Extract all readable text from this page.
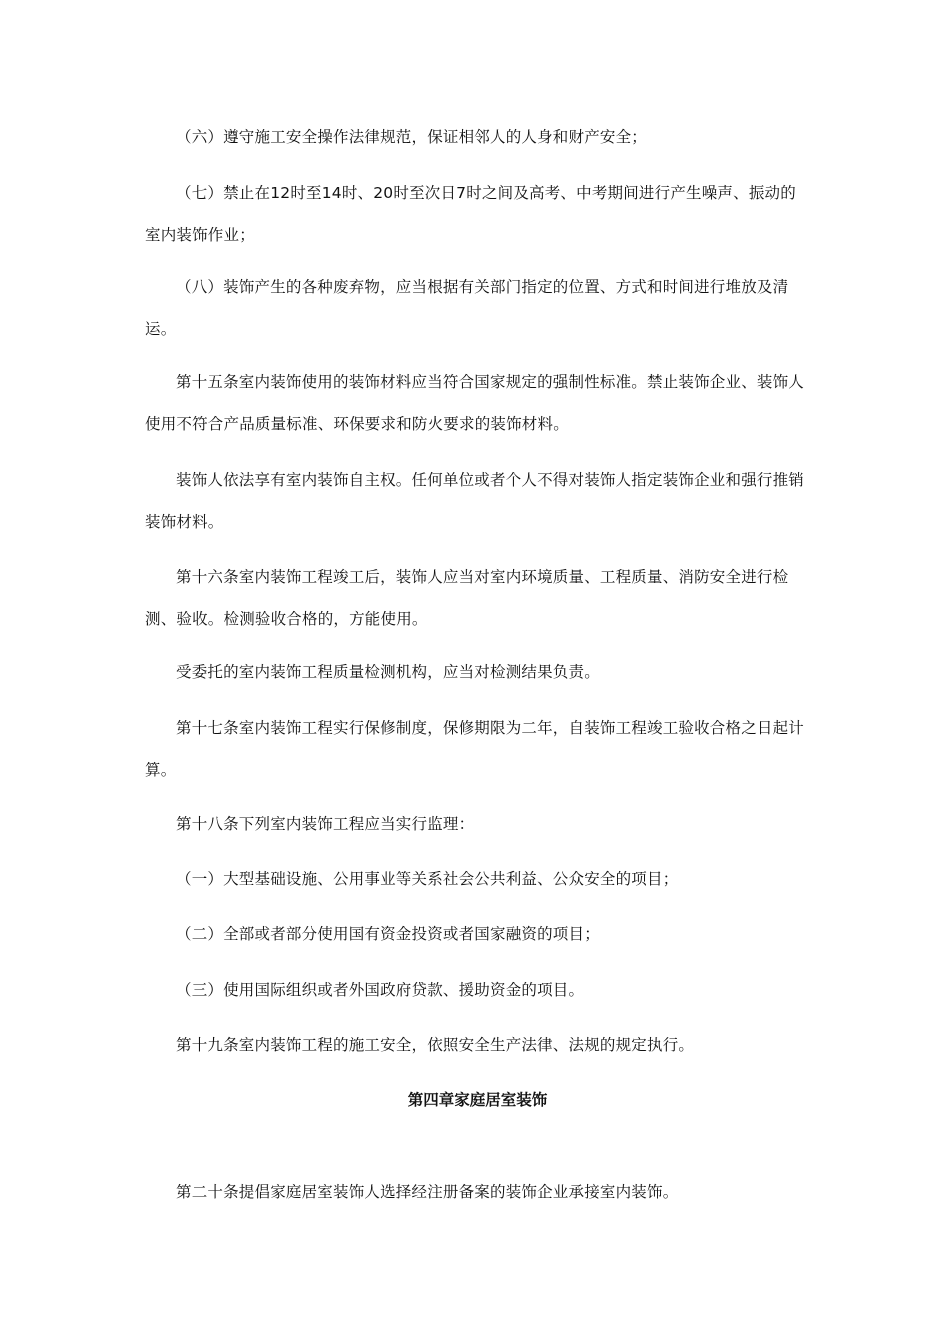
（六）遵守施工安全操作法律规范，保证相邻人的人身和财产安全；

（七）禁止在12时至14时、20时至次日7时之间及高考、中考期间进行产生噪声、振动的室内装饰作业；

（八）装饰产生的各种废弃物，应当根据有关部门指定的位置、方式和时间进行堆放及清运。

第十五条室内装饰使用的装饰材料应当符合国家规定的强制性标准。禁止装饰企业、装饰人使用不符合产品质量标准、环保要求和防火要求的装饰材料。

装饰人依法享有室内装饰自主权。任何单位或者个人不得对装饰人指定装饰企业和强行推销装饰材料。

第十六条室内装饰工程竣工后，装饰人应当对室内环境质量、工程质量、消防安全进行检测、验收。检测验收合格的，方能使用。

受委托的室内装饰工程质量检测机构，应当对检测结果负责。

第十七条室内装饰工程实行保修制度，保修期限为二年，自装饰工程竣工验收合格之日起计算。

第十八条下列室内装饰工程应当实行监理：

（一）大型基础设施、公用事业等关系社会公共利益、公众安全的项目；

（二）全部或者部分使用国有资金投资或者国家融资的项目；

（三）使用国际组织或者外国政府贷款、援助资金的项目。

第十九条室内装饰工程的施工安全，依照安全生产法律、法规的规定执行。

第四章家庭居室装饰

第二十条提倡家庭居室装饰人选择经注册备案的装饰企业承接室内装饰。
